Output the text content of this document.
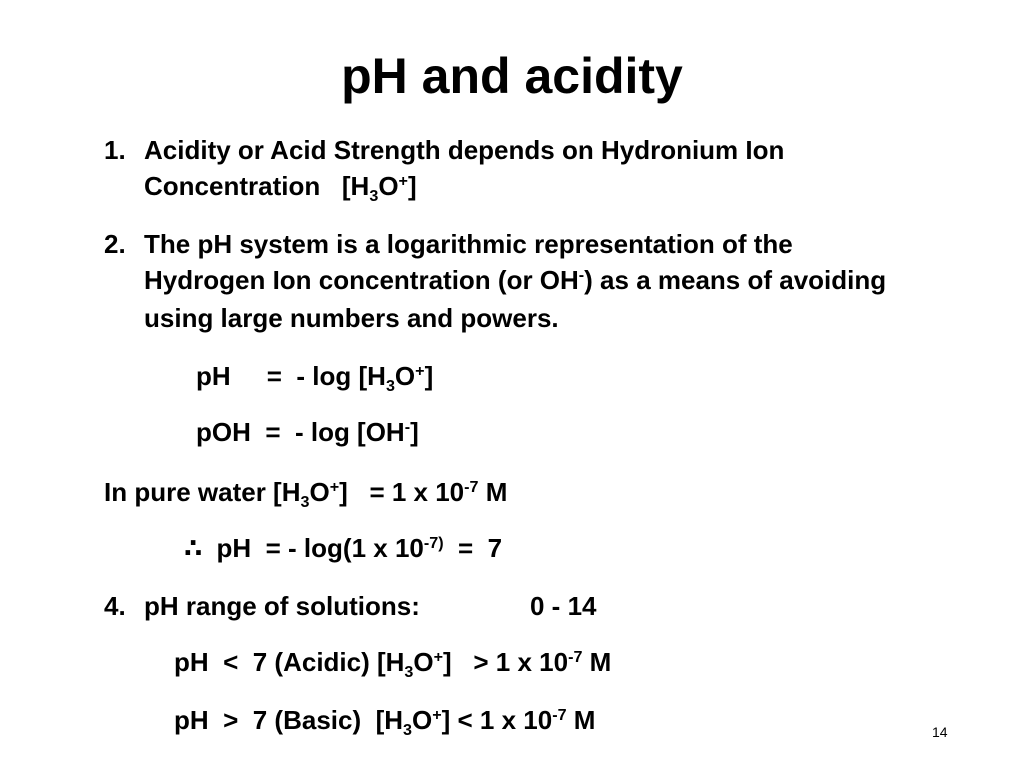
pH and acidity
1. Acidity or Acid Strength depends on Hydronium Ion
Concentration   $[H_3O^+]$
2. The pH system is a logarithmic representation of the
Hydrogen Ion concentration (or OH-) as a means of avoiding
using large numbers and powers.
pH     =  - $\log [H_3O^+]$
pOH  =  - log [OH-]
In pure water $[H_3O^+] = 1$ x $10^{-7}$ M
∴  pH  = - log(1 x $10^{-7)} = 7$
4. pH range of solutions:	0 - 14
pH  <  7 (Acidic) $[H_3O^+] > 1$ x $10^{-7}$ M
pH  >  7 (Basic)  $[H_3O^+] < 1$ x $10^{-7}$ M	14
